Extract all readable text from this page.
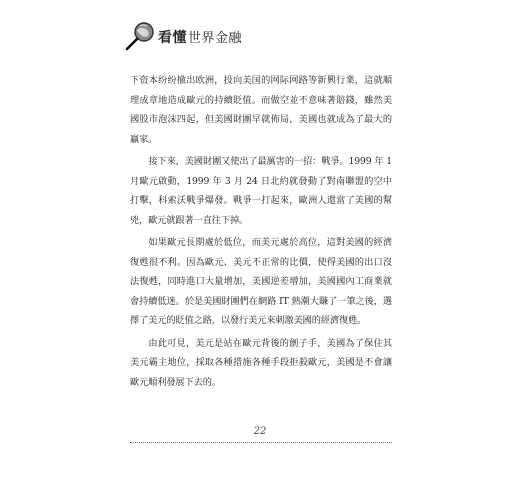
看懂世界金融

下资本纷纷撤出欧洲，投向美国的网际网路等新興行業，這就順理成章地造成歐元的持續貶值。而做空並不意味著賠錢，雖然美國股市泡沫四起，但美國財團早就佈局，美國也就成為了最大的贏家。

接下來，美國財團又使出了最厲害的一招：戰爭。1999 年 1 月歐元啟動，1999 年 3 月 24 日北約就發動了對南聯盟的空中打擊，科索沃戰爭爆發。戰爭一打起來，歐洲人還當了美國的幫兇，歐元就跟著一直往下掉。

如果歐元長期處於低位，而美元處於高位，這對美國的經濟復甦很不利。因為歐元、美元不正常的比價，使得美國的出口沒法復甦，同時進口大量增加，美國逆差增加，美國國內工商業就會持續低迷。於是美國財團們在網路 IT 熱潮大賺了一筆之後，選擇了美元的貶值之路，以發行美元來刺激美國的經濟復甦。

由此可見，美元是站在歐元背後的劊子手，美國為了保住其美元霸主地位，採取各種措施各種手段拒殺歐元，美國是不會讓歐元順利發展下去的。

22
